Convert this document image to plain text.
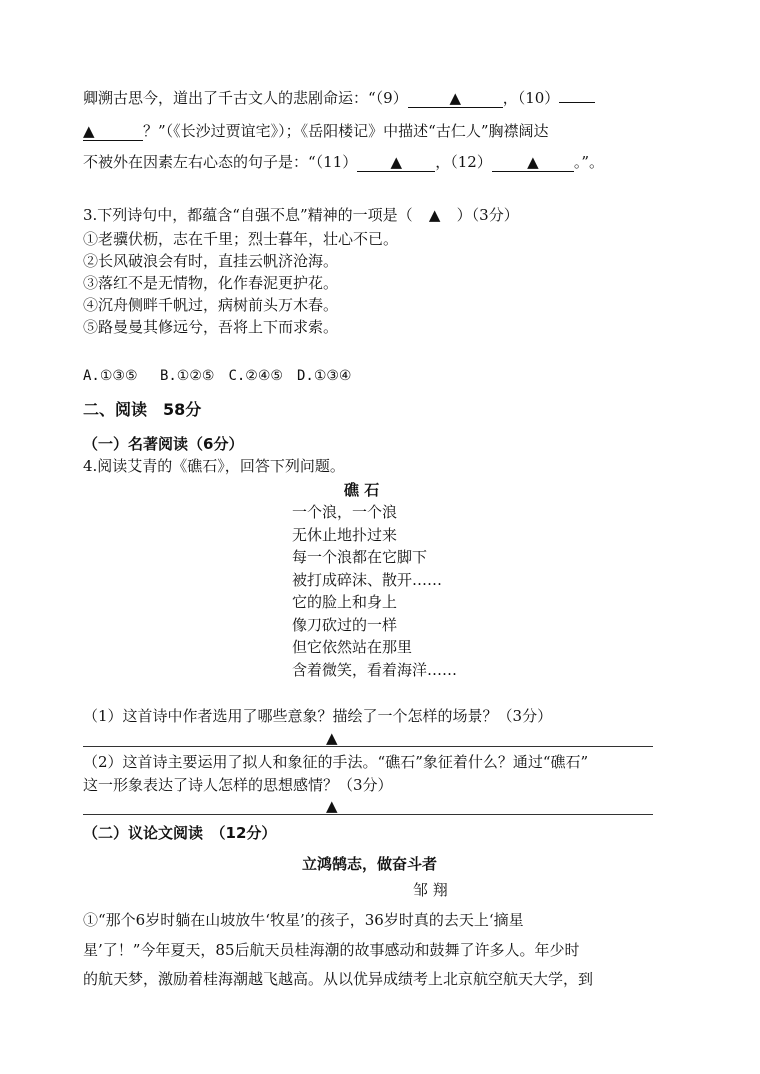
卿溯古思今，道出了千古文人的悲剧命运：“（9）	▲	，（10）
▲	？”（《长沙过贾谊宅》）；《岳阳楼记》中描述“古仁人”胸襟阔达
不被外在因素左右心态的句子是：“（11） ▲ ，（12） ▲ 。”。
3.下列诗句中，都蕴含“自强不息”精神的一项是（ ▲ ）（3分）
①老骥伏枥，志在千里；烈士暮年，壮心不已。
②长风破浪会有时，直挂云帆济沧海。
③落红不是无情物，化作春泥更护花。
④沉舟侧畔千帆过，病树前头万木春。
⑤路曼曼其修远兮，吾将上下而求索。
A.①③⑤　 B.①②⑤　C.②④⑤　D.①③④
二、阅读　58分
（一）名著阅读（6分）
4.阅读艾青的《礁石》，回答下列问题。
礁 石
一个浪，一个浪
无休止地扑过来
每一个浪都在它脚下
被打成碎沫、散开……
它的脸上和身上
像刀砍过的一样
但它依然站在那里
含着微笑，看着海洋……
（1）这首诗中作者选用了哪些意象？描绘了一个怎样的场景？（3分）
▲
（2）这首诗主要运用了拟人和象征的手法。“礁石”象征着什么？通过“礁石”
这一形象表达了诗人怎样的思想感情？（3分）
▲
（二）议论文阅读　（12分）
立鸿鹄志，做奋斗者
邹 翔
①“那个6岁时躺在山坡放牛‘牧星’的孩子，36岁时真的去天上‘摘星
星’了！”今年夏天，85后航天员桂海潮的故事感动和鼓舞了许多人。年少时
的航天梦，激励着桂海潮越飞越高。从以优异成绩考上北京航空航天大学，到
